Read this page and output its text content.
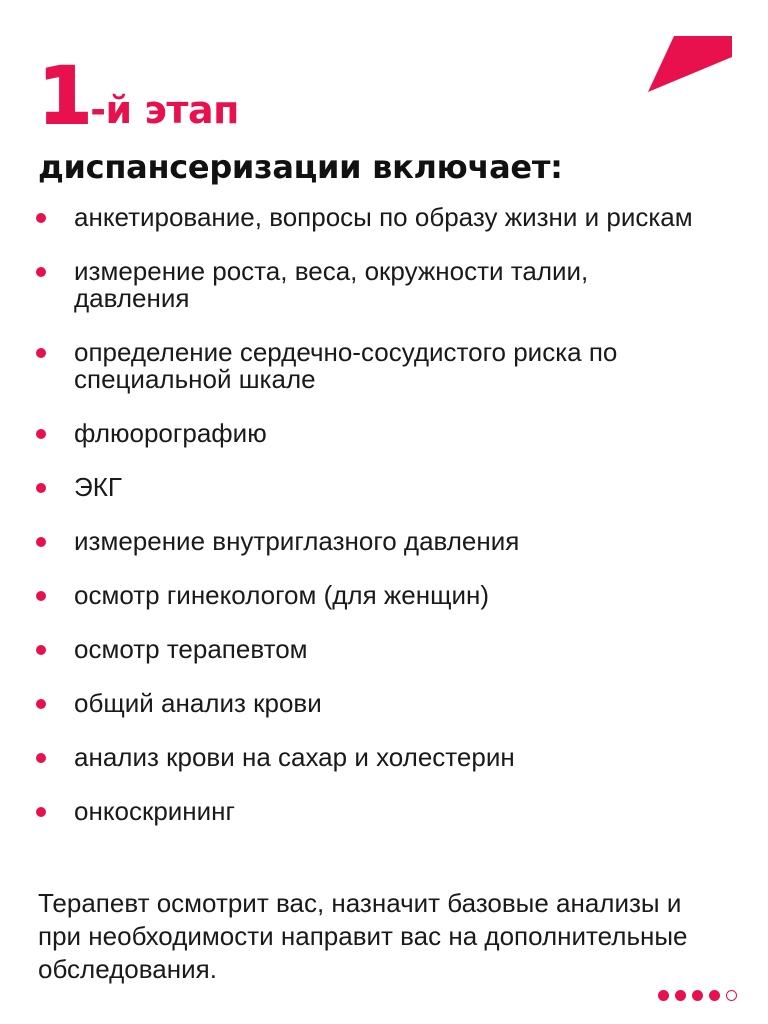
1 -й этап
диспансеризации включает:
анкетирование, вопросы по образу жизни и рискам
измерение роста, веса, окружности талии, давления
определение сердечно-сосудистого риска по специальной шкале
флюорографию
ЭКГ
измерение внутриглазного давления
осмотр гинекологом (для женщин)
осмотр терапевтом
общий анализ крови
анализ крови на сахар и холестерин
онкоскрининг

Терапевт осмотрит вас, назначит базовые анализы и при необходимости направит вас на дополнительные обследования.
